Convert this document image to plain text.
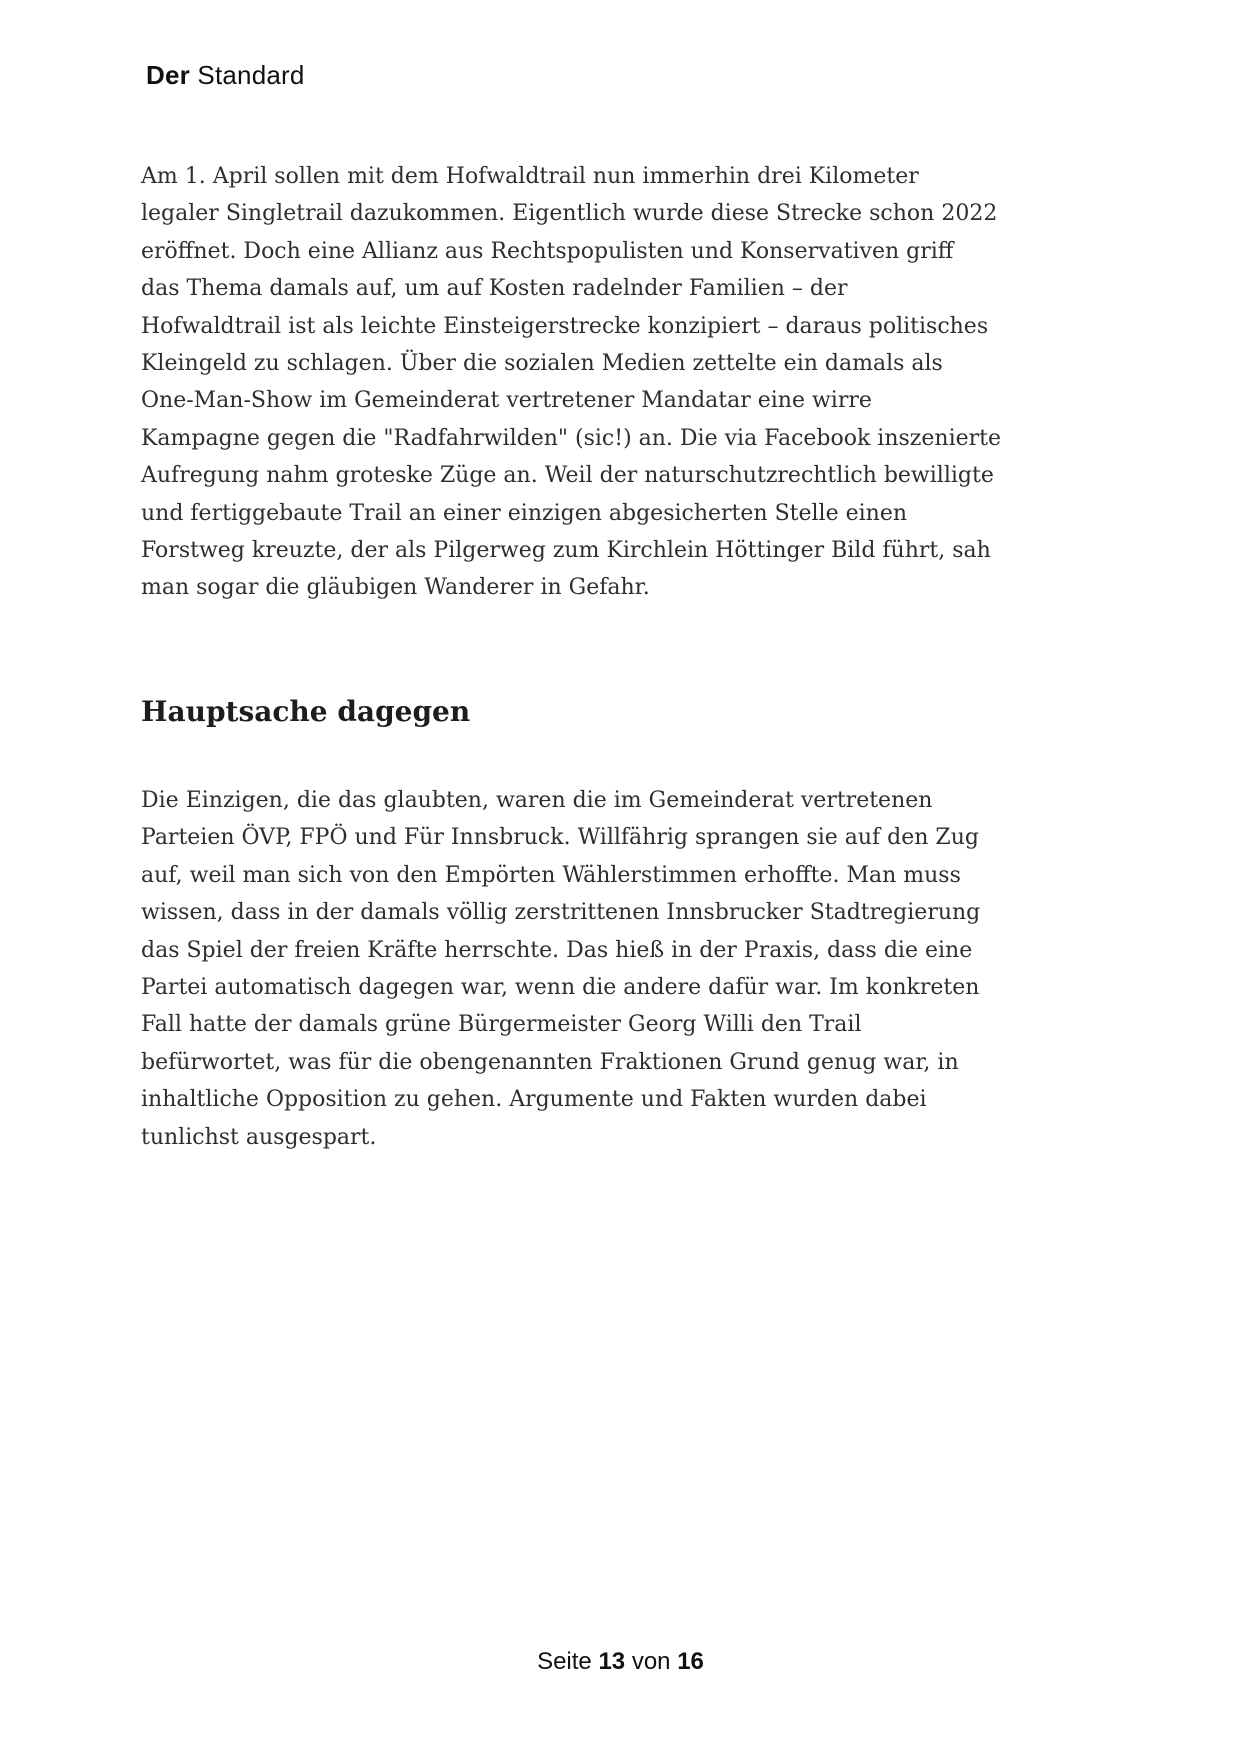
Der Standard
Am 1. April sollen mit dem Hofwaldtrail nun immerhin drei Kilometer
legaler Singletrail dazukommen. Eigentlich wurde diese Strecke schon 2022
eröffnet. Doch eine Allianz aus Rechtspopulisten und Konservativen griff
das Thema damals auf, um auf Kosten radelnder Familien – der
Hofwaldtrail ist als leichte Einsteigerstrecke konzipiert – daraus politisches
Kleingeld zu schlagen. Über die sozialen Medien zettelte ein damals als
One-Man-Show im Gemeinderat vertretener Mandatar eine wirre
Kampagne gegen die "Radfahrwilden" (sic!) an. Die via Facebook inszenierte
Aufregung nahm groteske Züge an. Weil der naturschutzrechtlich bewilligte
und fertiggebaute Trail an einer einzigen abgesicherten Stelle einen
Forstweg kreuzte, der als Pilgerweg zum Kirchlein Höttinger Bild führt, sah
man sogar die gläubigen Wanderer in Gefahr.
Hauptsache dagegen
Die Einzigen, die das glaubten, waren die im Gemeinderat vertretenen
Parteien ÖVP, FPÖ und Für Innsbruck. Willfährig sprangen sie auf den Zug
auf, weil man sich von den Empörten Wählerstimmen erhoffte. Man muss
wissen, dass in der damals völlig zerstrittenen Innsbrucker Stadtregierung
das Spiel der freien Kräfte herrschte. Das hieß in der Praxis, dass die eine
Partei automatisch dagegen war, wenn die andere dafür war. Im konkreten
Fall hatte der damals grüne Bürgermeister Georg Willi den Trail
befürwortet, was für die obengenannten Fraktionen Grund genug war, in
inhaltliche Opposition zu gehen. Argumente und Fakten wurden dabei
tunlichst ausgespart.
Seite 13 von 16
